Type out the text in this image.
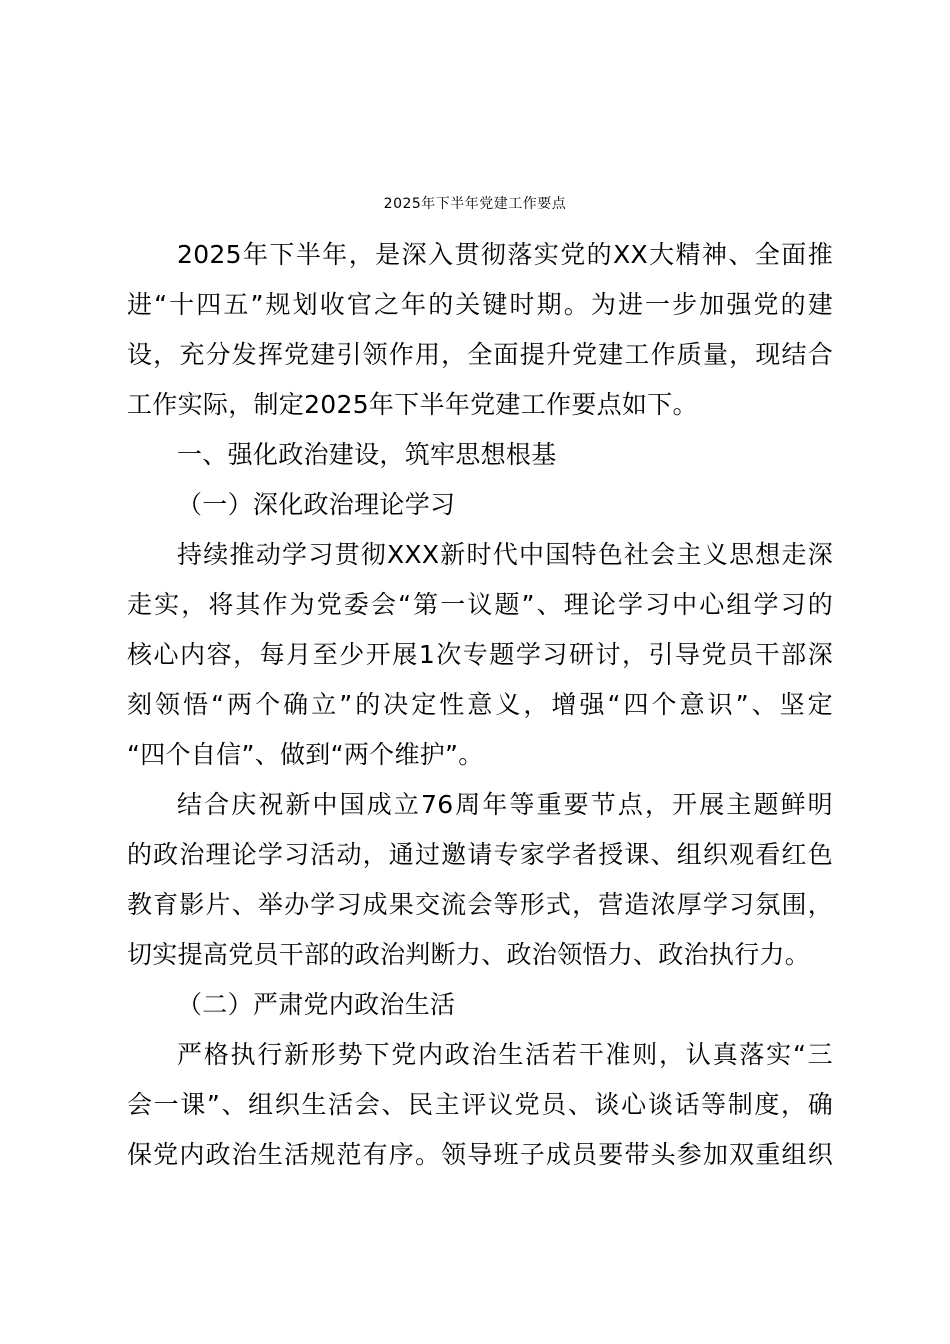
2025年下半年党建工作要点
2025年下半年，是深入贯彻落实党的XX大精神、全面推
进“十四五”规划收官之年的关键时期。为进一步加强党的建
设，充分发挥党建引领作用，全面提升党建工作质量，现结合
工作实际，制定2025年下半年党建工作要点如下。
一、强化政治建设，筑牢思想根基
（一）深化政治理论学习
持续推动学习贯彻XXX新时代中国特色社会主义思想走深
走实，将其作为党委会“第一议题”、理论学习中心组学习的
核心内容，每月至少开展1次专题学习研讨，引导党员干部深
刻领悟“两个确立”的决定性意义，增强“四个意识”、坚定
“四个自信”、做到“两个维护”。
结合庆祝新中国成立76周年等重要节点，开展主题鲜明
的政治理论学习活动，通过邀请专家学者授课、组织观看红色
教育影片、举办学习成果交流会等形式，营造浓厚学习氛围，
切实提高党员干部的政治判断力、政治领悟力、政治执行力。
（二）严肃党内政治生活
严格执行新形势下党内政治生活若干准则，认真落实“三
会一课”、组织生活会、民主评议党员、谈心谈话等制度，确
保党内政治生活规范有序。领导班子成员要带头参加双重组织
